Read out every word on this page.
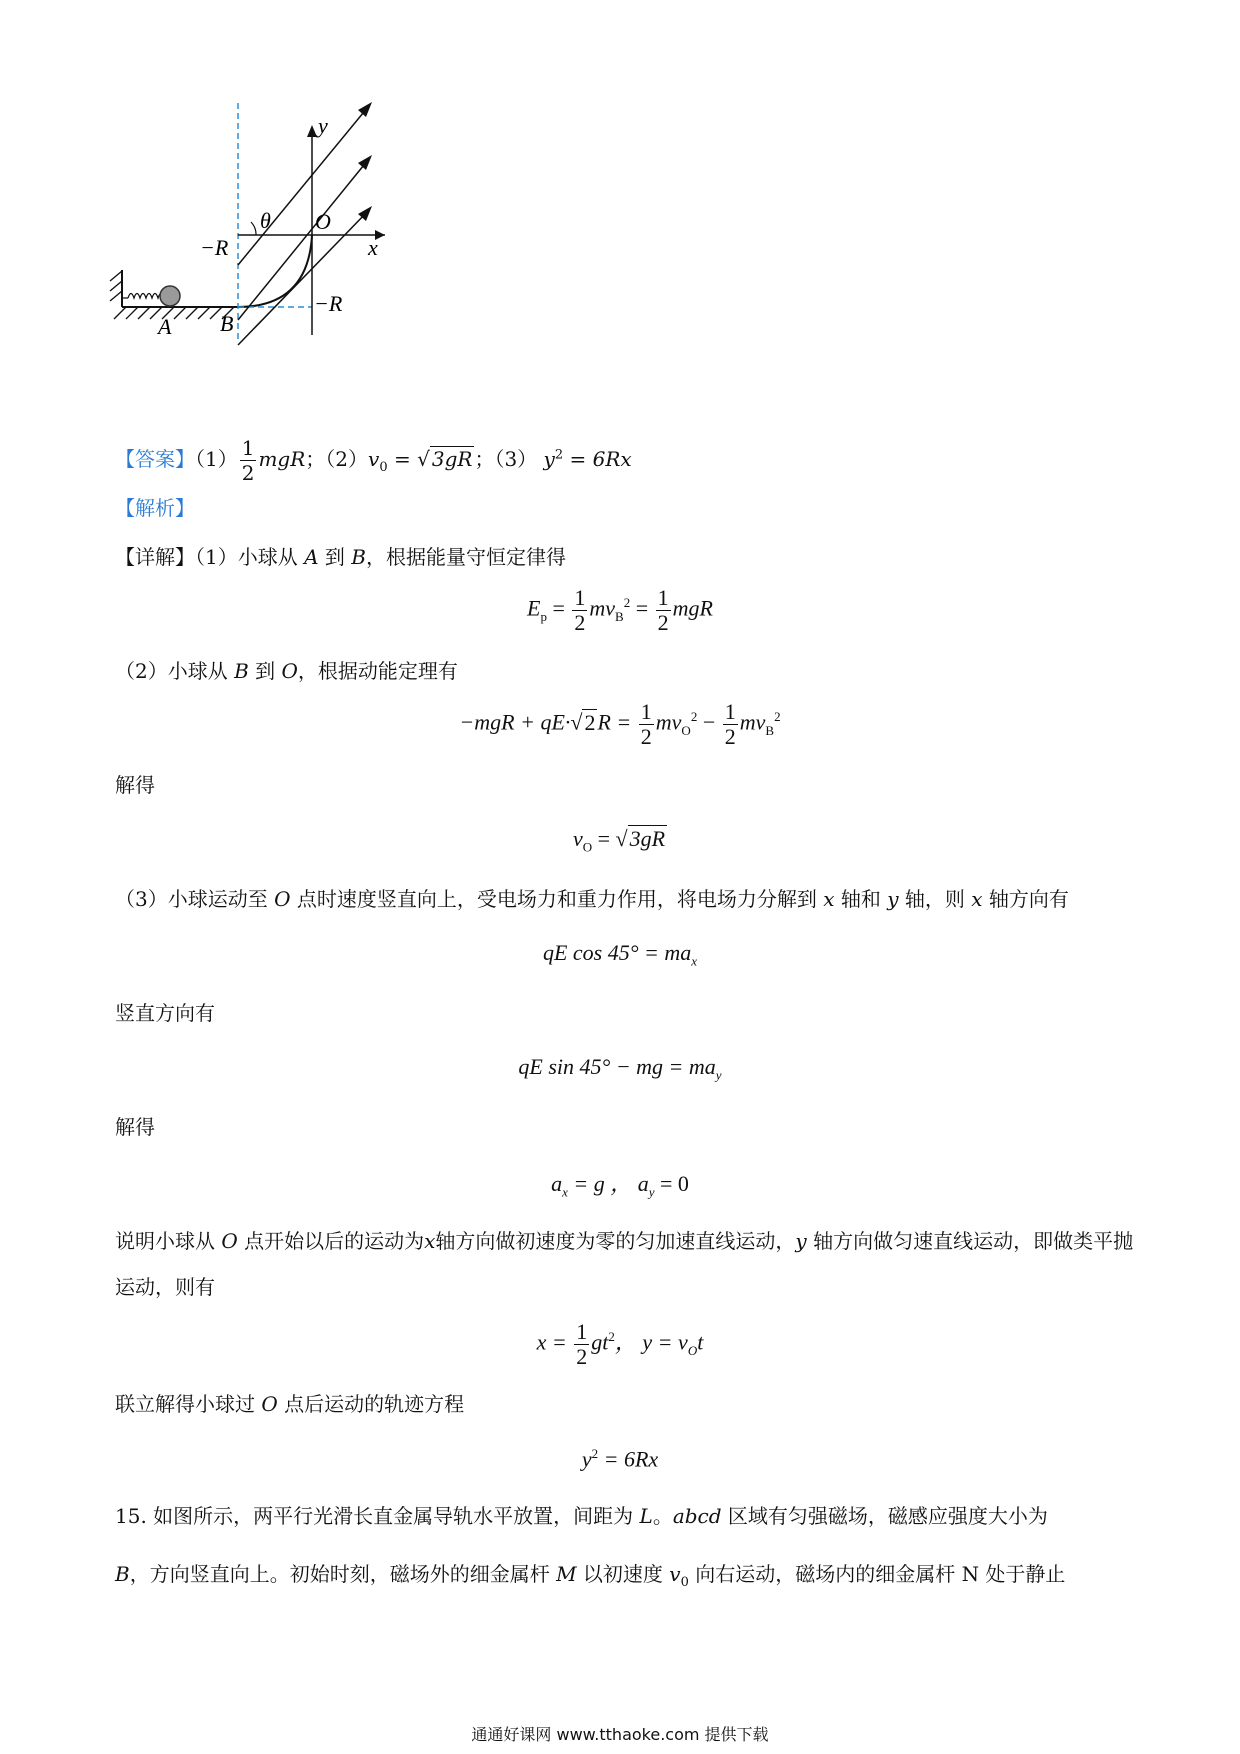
y
x
O
θ
−R
−R
A B
【答案】$(1) \frac{1}{2}$ mgR；$(2)v_0$ = √ 3gR ；（3） $y^2 = 6Rx$
【解析】
【详解】（1）小球从 A 到 B，根据能量守恒定律得
$E_p = \frac{1}{2} mv_B^2 = \frac{1}{2}$ mgR
（2）小球从 B 到 O，根据动能定理有
$-mgR + qE\cdot√2R = \frac{1}{2} mv_O^2 - \frac{1}{2} mv_B^2$
解得
$v_O = √3gR$
（3）小球运动至 O 点时速度竖直向上，受电场力和重力作用，将电场力分解到 x 轴和 y 轴，则 x 轴方向有
qE $\cos 45^\circ = ma_x$
竖直方向有
qE sin 45° − mg = $ma_y$
解得
$a_x = g$ ， $a_y = 0$
说明小球从 O 点开始以后的运动为x轴方向做初速度为零的匀加速直线运动，y 轴方向做匀速直线运动，即做类平抛运动，则有
$x = \frac{1}{2} gt^2$， $y = v_Ot$
联立解得小球过 O 点后运动的轨迹方程
$y^2 = 6Rx$
15. 如图所示，两平行光滑长直金属导轨水平放置，间距为 L。abcd 区域有匀强磁场，磁感应强度大小为
B，方向竖直向上。初始时刻，磁场外的细金属杆 M 以初速度 $v_0$ 向右运动，磁场内的细金属杆 N 处于静止
通通好课网 www.tthaoke.com 提供下载
